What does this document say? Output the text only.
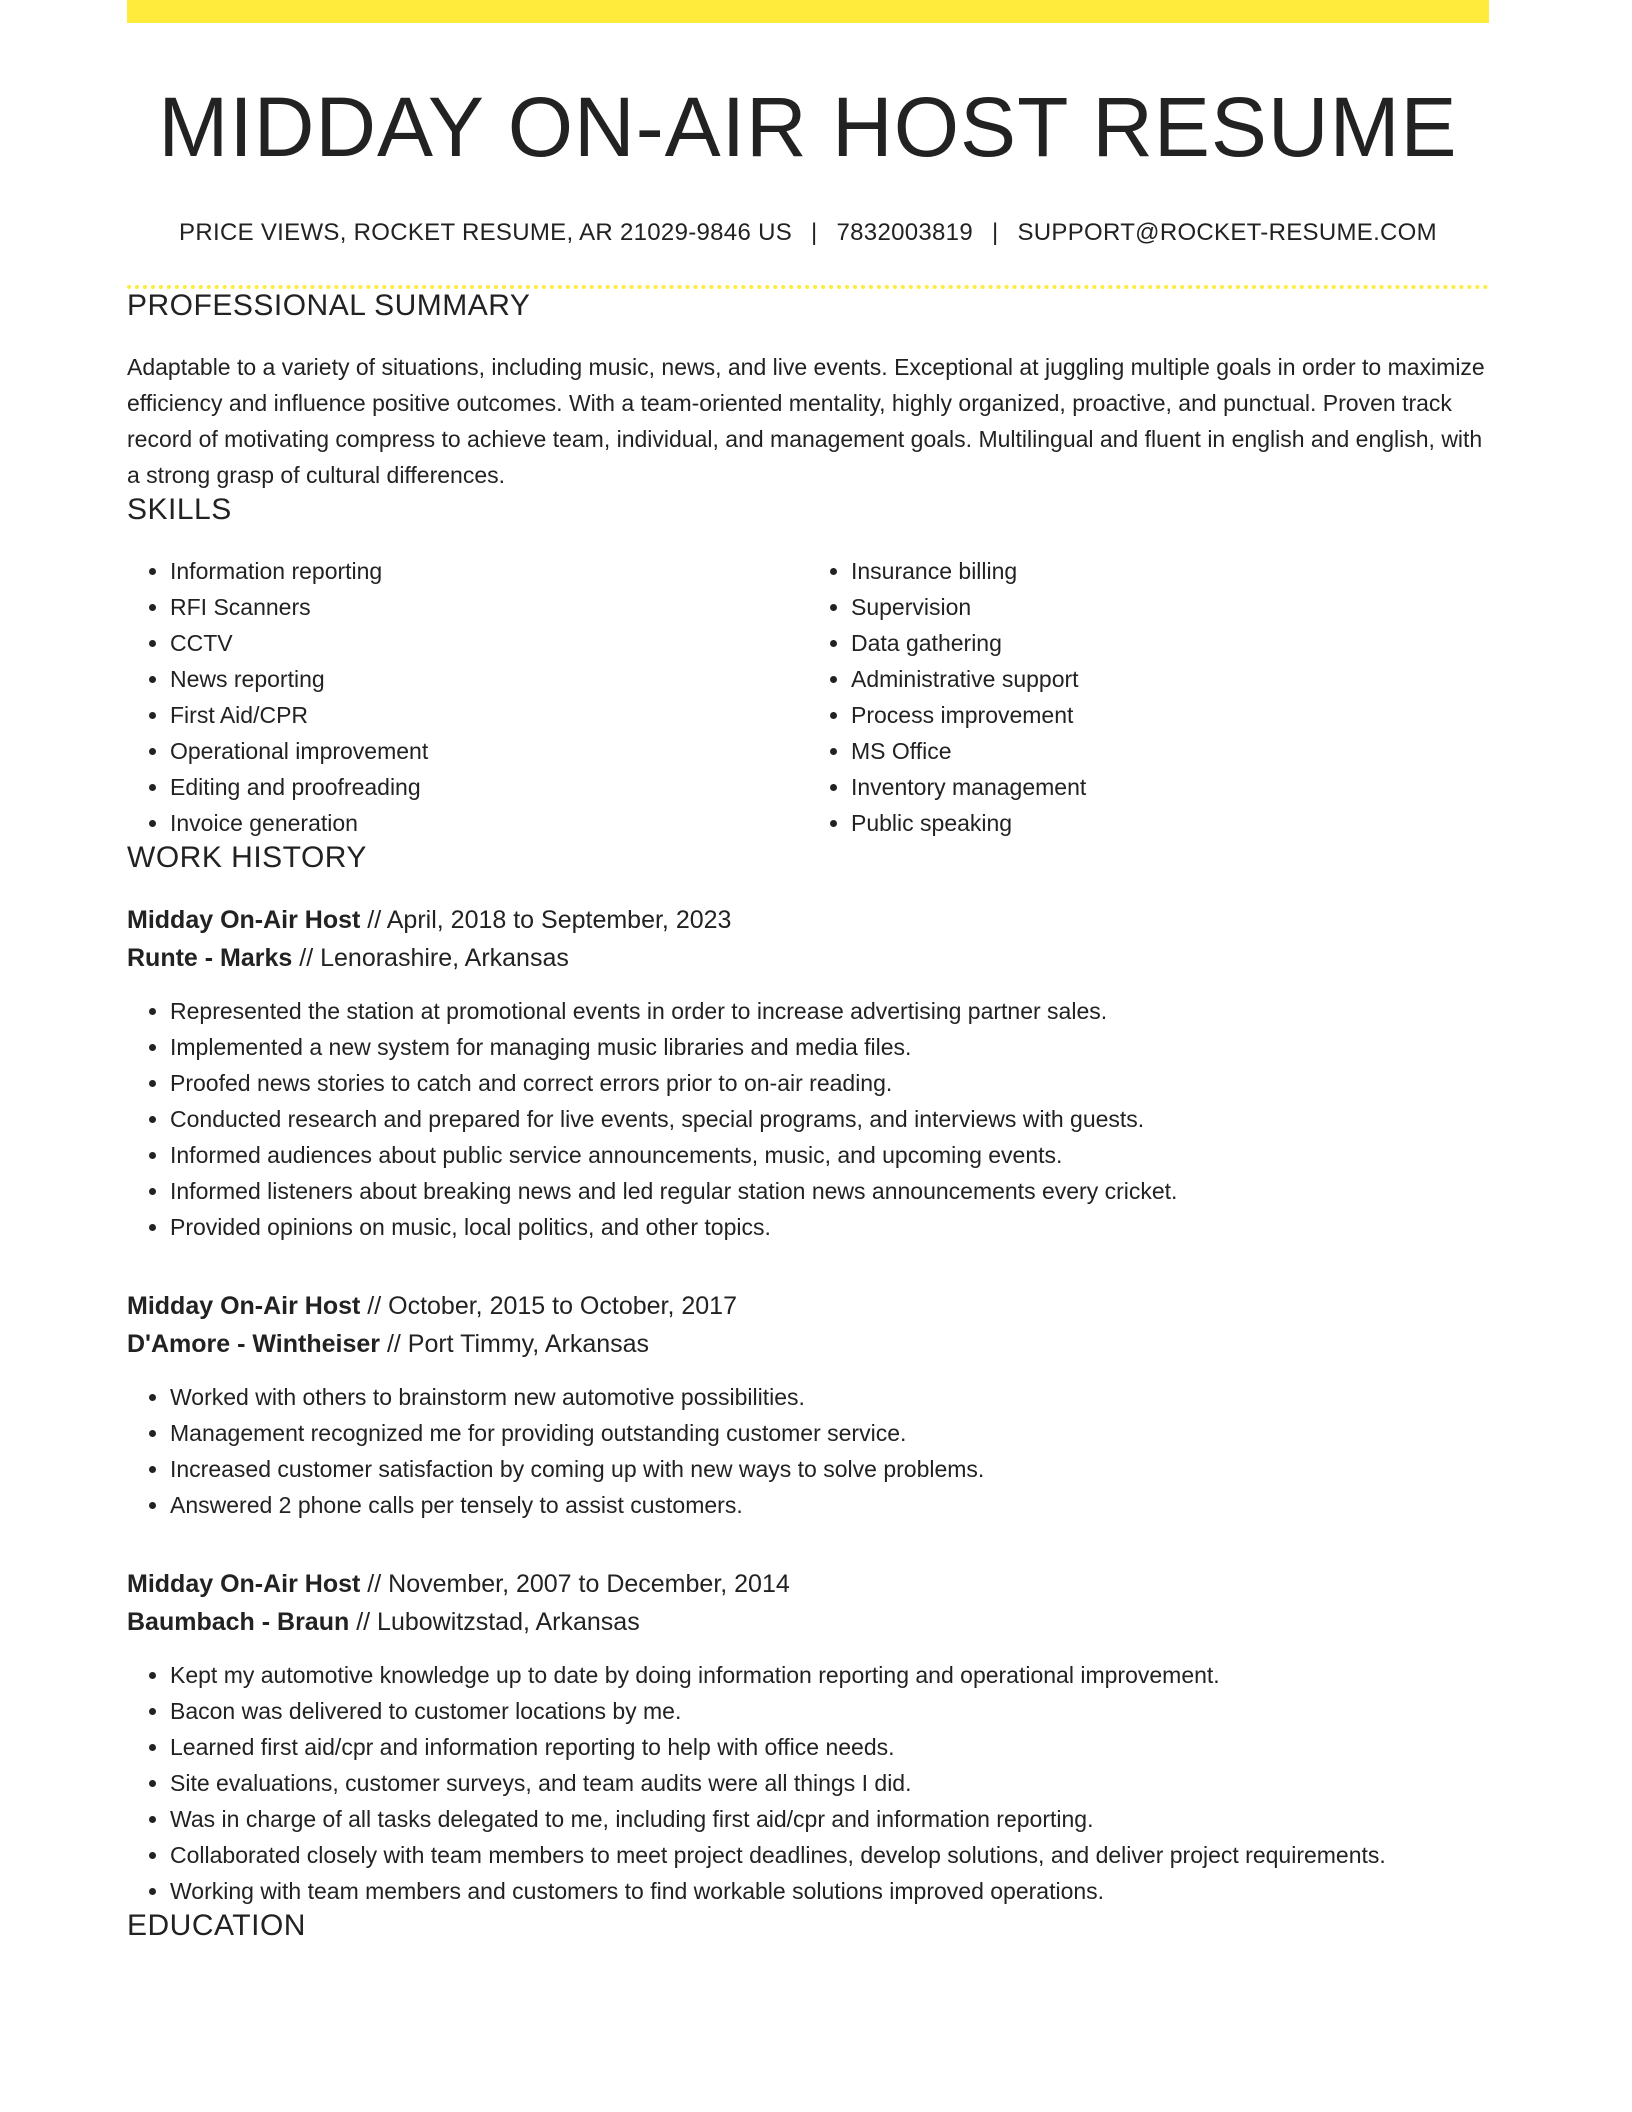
MIDDAY ON-AIR HOST RESUME
PRICE VIEWS, ROCKET RESUME, AR 21029-9846 US | 7832003819 | SUPPORT@ROCKET-RESUME.COM
PROFESSIONAL SUMMARY

Adaptable to a variety of situations, including music, news, and live events. Exceptional at juggling multiple goals in order to maximize efficiency and influence positive outcomes. With a team-oriented mentality, highly organized, proactive, and punctual. Proven track record of motivating compress to achieve team, individual, and management goals. Multilingual and fluent in english and english, with a strong grasp of cultural differences.

SKILLS
• Information reporting
• RFI Scanners
• CCTV
• News reporting
• First Aid/CPR
• Operational improvement
• Editing and proofreading
• Invoice generation
• Insurance billing
• Supervision
• Data gathering
• Administrative support
• Process improvement
• MS Office
• Inventory management
• Public speaking
WORK HISTORY
Midday On-Air Host // April, 2018 to September, 2023
Runte - Marks // Lenorashire, Arkansas
• Represented the station at promotional events in order to increase advertising partner sales.
• Implemented a new system for managing music libraries and media files.
• Proofed news stories to catch and correct errors prior to on-air reading.
• Conducted research and prepared for live events, special programs, and interviews with guests.
• Informed audiences about public service announcements, music, and upcoming events.
• Informed listeners about breaking news and led regular station news announcements every cricket.
• Provided opinions on music, local politics, and other topics.
Midday On-Air Host // October, 2015 to October, 2017
D'Amore - Wintheiser // Port Timmy, Arkansas
• Worked with others to brainstorm new automotive possibilities.
• Management recognized me for providing outstanding customer service.
• Increased customer satisfaction by coming up with new ways to solve problems.
• Answered 2 phone calls per tensely to assist customers.
Midday On-Air Host // November, 2007 to December, 2014
Baumbach - Braun // Lubowitzstad, Arkansas
• Kept my automotive knowledge up to date by doing information reporting and operational improvement.
• Bacon was delivered to customer locations by me.
• Learned first aid/cpr and information reporting to help with office needs.
• Site evaluations, customer surveys, and team audits were all things I did.
• Was in charge of all tasks delegated to me, including first aid/cpr and information reporting.
• Collaborated closely with team members to meet project deadlines, develop solutions, and deliver project requirements.
• Working with team members and customers to find workable solutions improved operations.
EDUCATION
